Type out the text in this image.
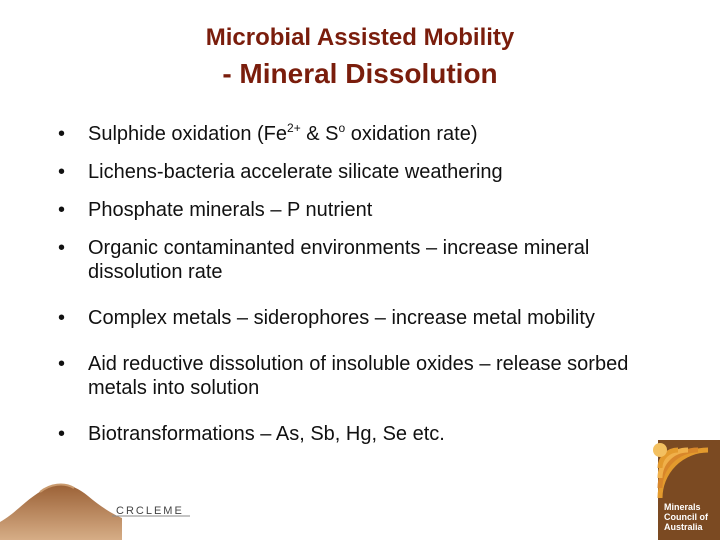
Microbial Assisted Mobility
- Mineral Dissolution
• Sulphide oxidation ($Fe^{2+}$ & $S^o$ oxidation rate)
• Lichens-bacteria accelerate silicate weathering
• Phosphate minerals – P nutrient
• Organic contaminanted environments – increase mineral dissolution rate
• Complex metals – siderophores – increase metal mobility
• Aid reductive dissolution of insoluble oxides – release sorbed metals into solution
• Biotransformations – As, Sb, Hg, Se etc.
CRCLEME	Minerals
Council of
Australia
